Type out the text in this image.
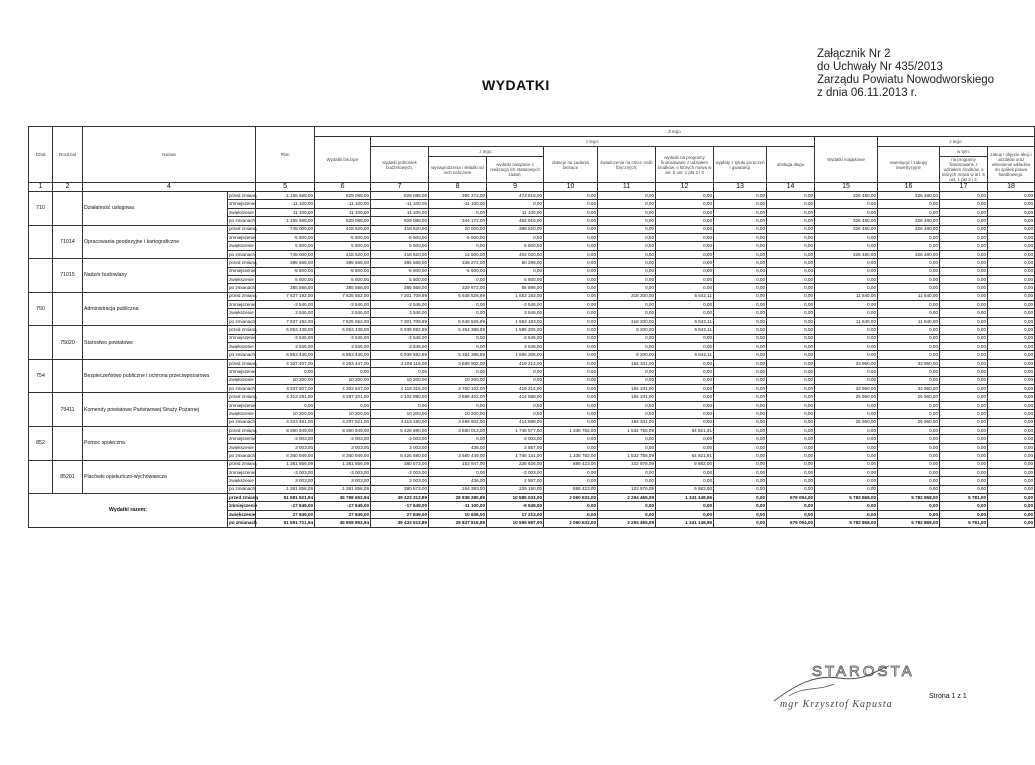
Załącznik Nr 2
do Uchwały Nr 435/2013
Zarządu Powiatu Nowodworskiego
z dnia 06.11.2013 r.
WYDATKI
Dział	Rozdział	Nazwa		Plan	Z tego												
					Wydatki bieżące	z tego:								Wydatki majątkowe	z tego:		
						wydatki jednostek budżetowych,	z tego:		dotacje na zadania bieżące	świadczenia na rzecz osób fizycznych;	wydatki na programy finansowane z udziałem środków, o których mowa w art. 5 ust. 1 pkt 2 i 3	wypłaty z tytułu poręczeń i gwarancji	obsługa długu		inwestycje i zakupy inwestycyjne	w tym:	zakup i objęcie akcji i udziałów oraz wniesienie wkładów do spółek prawa handlowego.
							wynagrodzenia i składki od nich naliczane	wydatki związane z realizacją ich statutowych zadań;								na programy finansowane z udziałem środków, o których mowa w art. 5 ust. 1 pkt 2 i 3,	

1	2	4		5	6	7	8	9	10	11	12	13	14	15	16	17	18
710		Działalność usługowa	przed zmianą	1 155 568,00	829 088,00	829 088,00	355 272,00	473 816,00	0,00	0,00	0,00	0,00	0,00	326 480,00	326 480,00	0,00	0,00
			zmniejszenie	-11 100,00	-11 100,00	-11 100,00	-11 100,00	0,00	0,00	0,00	0,00	0,00	0,00	0,00	0,00	0,00	0,00
			zwiększenie	11 100,00	11 100,00	11 100,00	0,00	11 100,00	0,00	0,00	0,00	0,00	0,00	0,00	0,00	0,00	0,00
			po zmianach	1 155 568,00	829 088,00	829 088,00	344 172,00	484 916,00	0,00	0,00	0,00	0,00	0,00	326 480,00	326 480,00	0,00	0,00
	71014	Opracowania geodezyjne i kartograficzne	przed zmianą	745 000,00	418 520,00	418 520,00	20 000,00	398 520,00	0,00	0,00	0,00	0,00	0,00	326 480,00	326 480,00	0,00	0,00
			zmniejszenie	-5 500,00	-5 500,00	-5 500,00	-5 500,00	0,00	0,00	0,00	0,00	0,00	0,00	0,00	0,00	0,00	0,00
			zwiększenie	5 500,00	5 500,00	5 500,00	0,00	5 500,00	0,00	0,00	0,00	0,00	0,00	0,00	0,00	0,00	0,00
			po zmianach	745 000,00	418 520,00	418 520,00	14 500,00	404 020,00	0,00	0,00	0,00	0,00	0,00	326 480,00	326 480,00	0,00	0,00
	71015	Nadzór budowlany	przed zmianą	385 568,00	385 568,00	385 568,00	335 272,00	50 296,00	0,00	0,00	0,00	0,00	0,00	0,00	0,00	0,00	0,00
			zmniejszenie	-5 600,00	-5 600,00	-5 600,00	-5 600,00	0,00	0,00	0,00	0,00	0,00	0,00	0,00	0,00	0,00	0,00
			zwiększenie	5 600,00	5 600,00	5 600,00	0,00	5 600,00	0,00	0,00	0,00	0,00	0,00	0,00	0,00	0,00	0,00
			po zmianach	385 568,00	385 568,00	385 568,00	329 672,00	55 896,00	0,00	0,00	0,00	0,00	0,00	0,00	0,00	0,00	0,00
750		Administracja publiczna	przed zmianą	7 637 192,00	7 625 552,00	7 301 709,89	5 648 526,89	1 653 183,00	0,00	318 200,00	5 642,11	0,00	0,00	11 640,00	11 640,00	0,00	0,00
			zmniejszenie	-3 546,00	-3 546,00	-3 546,00	0,00	-3 546,00	0,00	0,00	0,00	0,00	0,00	0,00	0,00	0,00	0,00
			zwiększenie	3 546,00	3 546,00	3 546,00	0,00	3 546,00	0,00	0,00	0,00	0,00	0,00	0,00	0,00	0,00	0,00
			po zmianach	7 637 192,00	7 625 552,00	7 301 709,89	5 648 526,89	1 653 183,00	0,00	318 200,00	5 642,11	0,00	0,00	11 640,00	11 640,00	0,00	0,00
	75020	Starostwo powiatowe	przed zmianą	6 953 438,00	6 953 438,00	6 939 592,89	5 354 386,89	1 585 206,00	0,00	8 200,00	5 642,11	0,00	0,00	0,00	0,00	0,00	0,00
			zmniejszenie	-3 546,00	-3 546,00	-3 546,00	0,00	-3 546,00	0,00	0,00	0,00	0,00	0,00	0,00	0,00	0,00	0,00
			zwiększenie	3 546,00	3 546,00	3 546,00	0,00	3 546,00	0,00	0,00	0,00	0,00	0,00	0,00	0,00	0,00	0,00
			po zmianach	6 953 438,00	6 953 438,00	6 939 592,89	5 354 386,89	1 585 206,00	0,00	8 200,00	5 642,11	0,00	0,00	0,00	0,00	0,00	0,00
754		Bezpieczeństwo publiczne i ochrona przeciwpożarowa	przed zmianą	4 327 407,00	4 293 447,00	4 109 116,00	3 689 902,00	419 214,00	0,00	184 331,00	0,00	0,00	0,00	33 960,00	33 960,00	0,00	0,00
			zmniejszenie	0,00	0,00	0,00	0,00	0,00	0,00	0,00	0,00	0,00	0,00	0,00	0,00	0,00	0,00
			zwiększenie	10 200,00	10 200,00	10 200,00	10 200,00	0,00	0,00	0,00	0,00	0,00	0,00	0,00	0,00	0,00	0,00
			po zmianach	4 337 607,00	4 303 647,00	4 119 316,00	3 700 102,00	419 214,00	0,00	184 331,00	0,00	0,00	0,00	33 960,00	33 960,00	0,00	0,00
	75411	Komendy powiatowe Państwowej Straży Pożarnej	przed zmianą	4 313 281,00	4 287 321,00	4 102 990,00	3 688 402,00	414 588,00	0,00	184 331,00	0,00	0,00	0,00	25 960,00	25 960,00	0,00	0,00
			zmniejszenie	0,00	0,00	0,00	0,00	0,00	0,00	0,00	0,00	0,00	0,00	0,00	0,00	0,00	0,00
			zwiększenie	10 200,00	10 200,00	10 200,00	10 200,00	0,00	0,00	0,00	0,00	0,00	0,00	0,00	0,00	0,00	0,00
			po zmianach	4 323 481,00	4 297 521,00	4 113 190,00	3 698 602,00	414 588,00	0,00	184 331,00	0,00	0,00	0,00	25 960,00	25 960,00	0,00	0,00
852		Pomoc społeczna	przed zmianą	8 360 949,00	8 360 949,00	5 426 590,00	3 680 013,00	1 746 577,00	1 336 782,00	1 532 755,09	64 821,91	0,00	0,00	0,00	0,00	0,00	0,00
			zmniejszenie	-3 003,00	-3 003,00	-3 003,00	0,00	-3 003,00	0,00	0,00	0,00	0,00	0,00	0,00	0,00	0,00	0,00
			zwiększenie	3 003,00	3 003,00	3 003,00	436,00	2 567,00	0,00	0,00	0,00	0,00	0,00	0,00	0,00	0,00	0,00
			po zmianach	8 360 949,00	8 360 949,00	5 426 590,00	3 680 449,00	1 746 141,00	1 336 782,00	1 532 755,09	64 821,91	0,00	0,00	0,00	0,00	0,00	0,00
	85201	Placówki opiekuńczo-wychowawcze	przed zmianą	1 381 856,09	1 381 856,09	380 573,00	153 947,00	226 626,00	888 423,00	102 976,09	9 882,00	0,00	0,00	0,00	0,00	0,00	0,00
			zmniejszenie	-3 003,00	-3 003,00	-3 003,00	0,00	-3 003,00	0,00	0,00	0,00	0,00	0,00	0,00	0,00	0,00	0,00
			zwiększenie	3 003,00	3 003,00	3 003,00	436,00	2 567,00	0,00	0,00	0,00	0,00	0,00	0,00	0,00	0,00	0,00
			po zmianach	1 381 856,09	1 381 856,09	380 573,00	154 383,00	226 190,00	888 423,00	102 976,09	9 882,00	0,00	0,00	0,00	0,00	0,00	0,00
Wydatki razem:			przed zmianą	51 581 521,94	45 798 653,94	39 423 313,89	28 838 280,89	10 585 033,00	2 060 632,00	2 294 465,09	1 341 148,96	0,00	679 094,00	5 782 868,00	5 782 868,00	5 781,00	0,00
			zmniejszenie	-17 649,00	-17 649,00	-17 649,00	-11 100,00	-6 549,00	0,00	0,00	0,00	0,00	0,00	0,00	0,00	0,00	0,00
			zwiększenie	27 849,00	27 849,00	27 849,00	10 636,00	17 213,00	0,00	0,00	0,00	0,00	0,00	0,00	0,00	0,00	0,00
			po zmianach	51 591 721,94	45 808 853,94	39 433 513,89	28 837 816,89	10 595 697,00	2 060 632,00	2 294 465,09	1 341 148,96	0,00	679 094,00	5 782 868,00	5 782 868,00	5 781,00	0,00
STAROSTA
mgr Krzysztof Kapusta
Strona 1 z 1
